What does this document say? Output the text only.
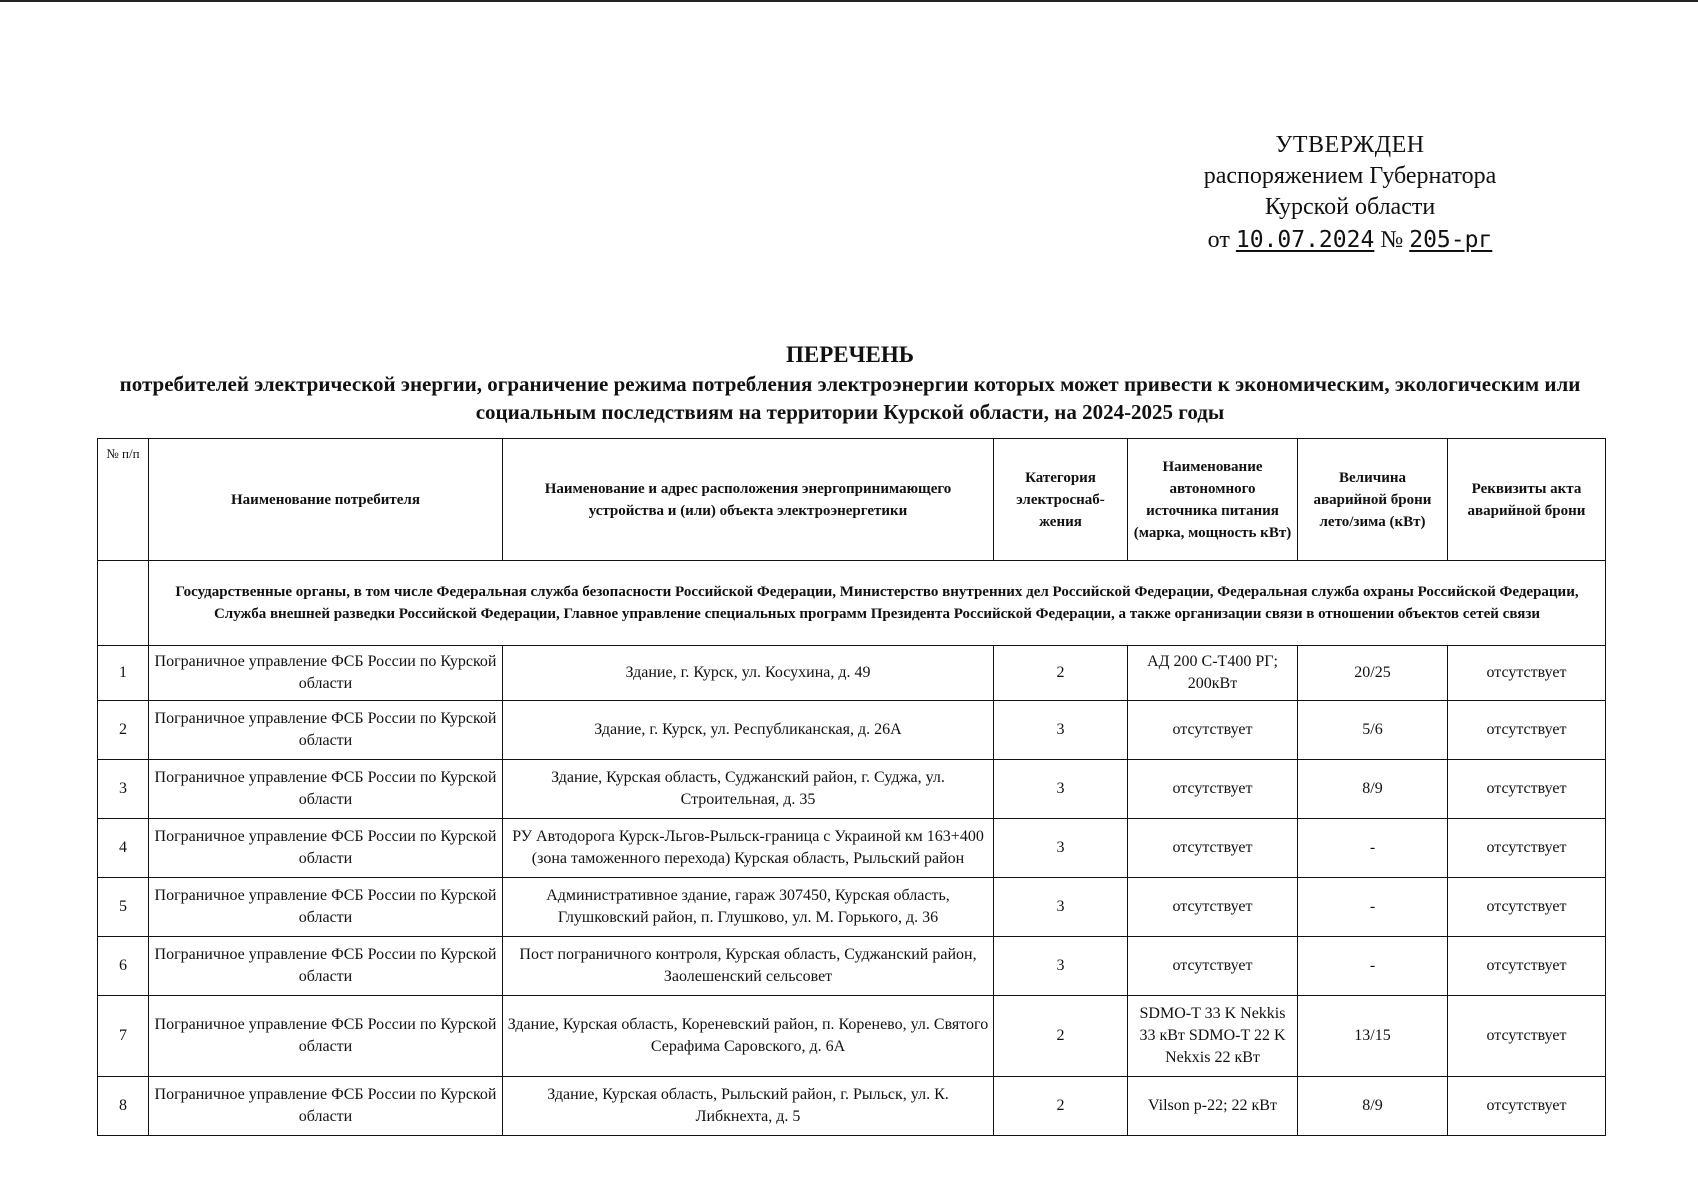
УТВЕРЖДЕН
распоряжением Губернатора
Курской области
от 10.07.2024 № 205-рг
ПЕРЕЧЕНЬ
потребителей электрической энергии, ограничение режима потребления электроэнергии которых может привести к экономическим, экологическим или социальным последствиям на территории Курской области, на 2024-2025 годы
№ п/п	Наименование потребителя	Наименование и адрес расположения энергопринимающего устройства и (или) объекта электроэнергетики	Категория электроснаб-жения	Наименование автономного источника питания (марка, мощность кВт)	Величина аварийной брони лето/зима (кВт)	Реквизиты акта аварийной брони
	Государственные органы, в том числе Федеральная служба безопасности Российской Федерации, Министерство внутренних дел Российской Федерации, Федеральная служба охраны Российской Федерации, Служба внешней разведки Российской Федерации, Главное управление специальных программ Президента Российской Федерации, а также организации связи в отношении объектов сетей связи					
1	Пограничное управление ФСБ России по Курской области	Здание, г. Курск, ул. Косухина, д. 49	2	АД 200 С-Т400 РГ; 200кВт	20/25	отсутствует
2	Пограничное управление ФСБ России по Курской области	Здание, г. Курск, ул. Республиканская, д. 26А	3	отсутствует	5/6	отсутствует
3	Пограничное управление ФСБ России по Курской области	Здание, Курская область, Суджанский район, г. Суджа, ул. Строительная, д. 35	3	отсутствует	8/9	отсутствует
4	Пограничное управление ФСБ России по Курской области	РУ Автодорога Курск-Льгов-Рыльск-граница с Украиной км 163+400 (зона таможенного перехода) Курская область, Рыльский район	3	отсутствует	-	отсутствует
5	Пограничное управление ФСБ России по Курской области	Административное здание, гараж 307450, Курская область, Глушковский район, п. Глушково, ул. М. Горького, д. 36	3	отсутствует	-	отсутствует
6	Пограничное управление ФСБ России по Курской области	Пост пограничного контроля, Курская область, Суджанский район, Заолешенский сельсовет	3	отсутствует	-	отсутствует
7	Пограничное управление ФСБ России по Курской области	Здание, Курская область, Кореневский район, п. Коренево, ул. Святого Серафима Саровского, д. 6А	2	SDMO-T 33 K Nekkis 33 кВт SDMO-T 22 K Nekxis 22 кВт	13/15	отсутствует
8	Пограничное управление ФСБ России по Курской области	Здание, Курская область, Рыльский район, г. Рыльск, ул. К. Либкнехта, д. 5	2	Vilson p-22; 22 кВт	8/9	отсутствует
